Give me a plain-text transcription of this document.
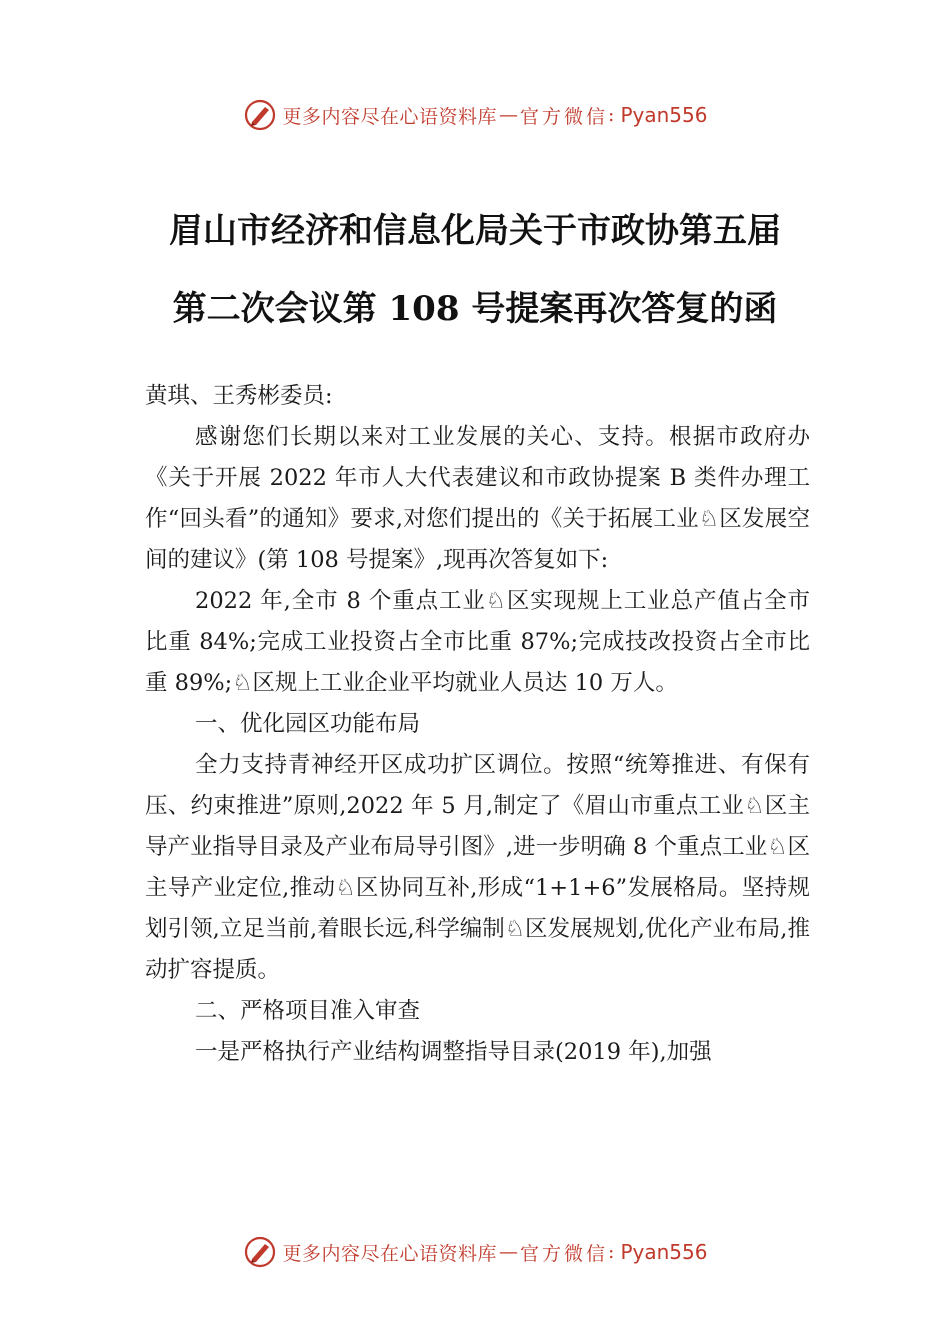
更多内容尽在心语资料库 — 官方微信 : Pyan556
眉山市经济和信息化局关于市政协第五届
第二次会议第 108 号提案再次答复的函

黄琪、王秀彬委员:

感谢您们长期以来对工业发展的关心、支持。根据市政府办《关于开展 2022 年市人大代表建议和市政协提案 B 类件办理工作“回头看”的通知》要求,对您们提出的《关于拓展工业♘区发展空间的建议》(第 108 号提案》,现再次答复如下:

2022 年,全市 8 个重点工业♘区实现规上工业总产值占全市比重 84%;完成工业投资占全市比重 87%;完成技改投资占全市比重 89%;♘区规上工业企业平均就业人员达 10 万人。

一、优化园区功能布局

全力支持青神经开区成功扩区调位。按照“统筹推进、有保有压、约束推进”原则,2022 年 5 月,制定了《眉山市重点工业♘区主导产业指导目录及产业布局导引图》,进一步明确 8 个重点工业♘区主导产业定位,推动♘区协同互补,形成“1+1+6”发展格局。坚持规划引领,立足当前,着眼长远,科学编制♘区发展规划,优化产业布局,推动扩容提质。

二、严格项目准入审查

一是严格执行产业结构调整指导目录(2019 年),加强

更多内容尽在心语资料库 — 官方微信 : Pyan556
